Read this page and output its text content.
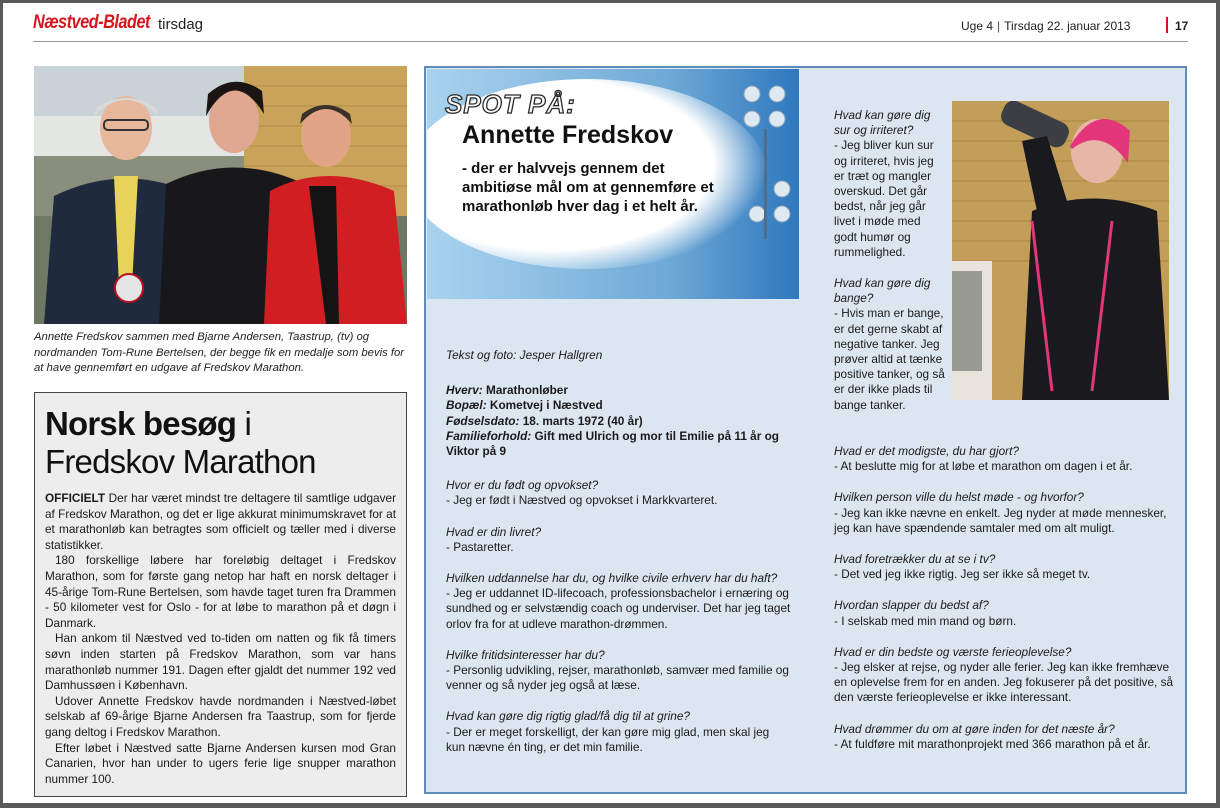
Næstved-Bladet tirsdag	Uge 4 | Tirsdag 22. januar 2013	17
Annette Fredskov sammen med Bjarne Andersen, Taastrup, (tv) og nordmanden Tom-Rune Bertelsen, der begge fik en medalje som bevis for at have gennemført en udgave af Fredskov Marathon.
Norsk besøg i
Fredskov Marathon

OFFICIELT Der har været mindst tre deltagere til samtlige udgaver af Fredskov Marathon, og det er lige akkurat minimumskravet for at et marathonløb kan betragtes som officielt og tæller med i diverse statistikker.

180 forskellige løbere har foreløbig deltaget i Fredskov Marathon, som for første gang netop har haft en norsk deltager i 45-årige Tom-Rune Bertelsen, som havde taget turen fra Drammen - 50 kilometer vest for Oslo - for at løbe to marathon på et døgn i Danmark.

Han ankom til Næstved ved to-tiden om natten og fik få timers søvn inden starten på Fredskov Marathon, som var hans marathonløb nummer 191. Dagen efter gjaldt det nummer 192 ved Damhussøen i København.

Udover Annette Fredskov havde nordmanden i Næstved-løbet selskab af 69-årige Bjarne Andersen fra Taastrup, som for fjerde gang deltog i Fredskov Marathon.

Efter løbet i Næstved satte Bjarne Andersen kursen mod Gran Canarien, hvor han under to ugers ferie lige snupper marathon nummer 100.

SPOT PÅ:
Annette Fredskov
- der er halvvejs gennem det ambitiøse mål om at gennemføre et marathonløb hver dag i et helt år.
Tekst og foto: Jesper Hallgren
Hverv: Marathonløber
Bopæl: Kometvej i Næstved
Fødselsdato: 18. marts 1972 (40 år)
Familieforhold: Gift med Ulrich og mor til Emilie på 11 år og Viktor på 9
Hvor er du født og opvokset?
- Jeg er født i Næstved og opvokset i Markkvarteret.
Hvad er din livret?
- Pastaretter.
Hvilken uddannelse har du, og hvilke civile erhverv har du haft?
- Jeg er uddannet ID-lifecoach, professionsbachelor i ernæring og sundhed og er selvstændig coach og underviser. Det har jeg taget orlov fra for at udleve marathon-drømmen.
Hvilke fritidsinteresser har du?
- Personlig udvikling, rejser, marathonløb, samvær med familie og venner og så nyder jeg også at læse.
Hvad kan gøre dig rigtig glad/få dig til at grine?
- Der er meget forskelligt, der kan gøre mig glad, men skal jeg kun nævne én ting, er det min familie.
Hvad kan gøre dig sur og irriteret?
- Jeg bliver kun sur og irriteret, hvis jeg er træt og mangler overskud. Det går bedst, når jeg går livet i møde med godt humør og rummelighed.
Hvad kan gøre dig bange?
- Hvis man er bange, er det gerne skabt af negative tanker. Jeg prøver altid at tænke positive tanker, og så er der ikke plads til bange tanker.
Hvad er det modigste, du har gjort?
- At beslutte mig for at løbe et marathon om dagen i et år.
Hvilken person ville du helst møde - og hvorfor?
- Jeg kan ikke nævne en enkelt. Jeg nyder at møde mennesker, jeg kan have spændende samtaler med om alt muligt.
Hvad foretrækker du at se i tv?
- Det ved jeg ikke rigtig. Jeg ser ikke så meget tv.
Hvordan slapper du bedst af?
- I selskab med min mand og børn.
Hvad er din bedste og værste ferieoplevelse?
- Jeg elsker at rejse, og nyder alle ferier. Jeg kan ikke fremhæve en oplevelse frem for en anden. Jeg fokuserer på det positive, så den værste ferieoplevelse er ikke interessant.
Hvad drømmer du om at gøre inden for det næste år?
- At fuldføre mit marathonprojekt med 366 marathon på et år.
